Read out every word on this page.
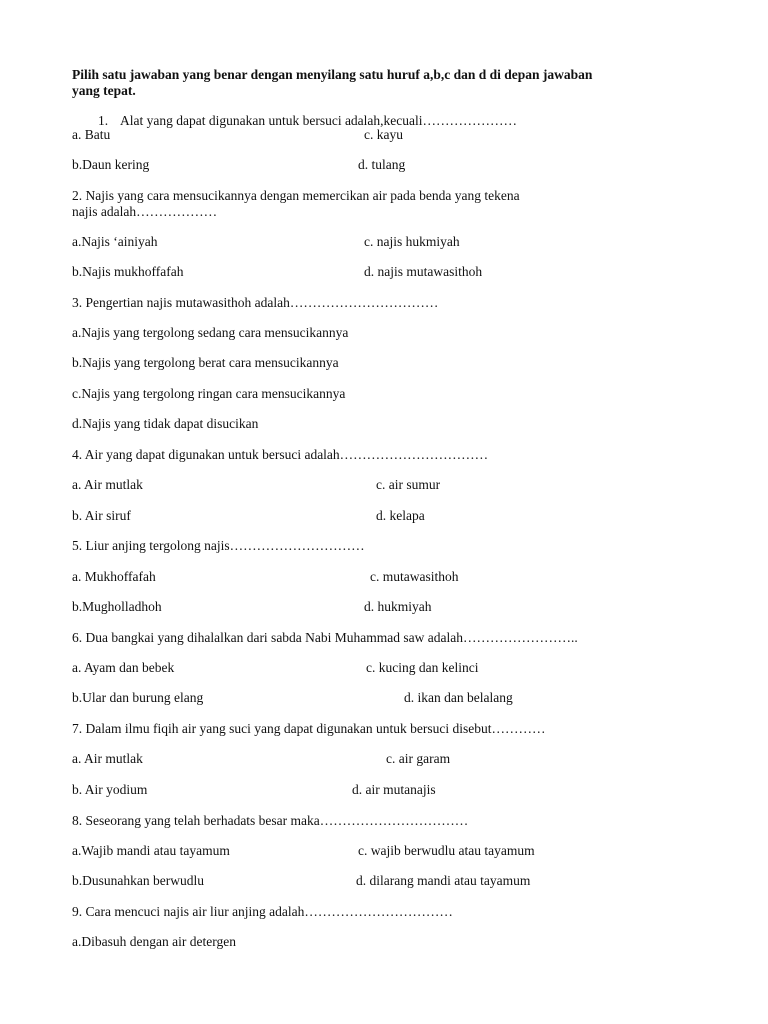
Pilih satu jawaban yang benar dengan menyilang satu huruf a,b,c dan d di depan jawaban
yang tepat.
1. Alat yang dapat digunakan untuk bersuci adalah,kecuali…………………
a. Batu	c. kayu
b.Daun kering	d. tulang
2. Najis yang cara mensucikannya dengan memercikan air pada benda yang tekena
najis adalah………………
a.Najis ‘ainiyah	c. najis hukmiyah
b.Najis mukhoffafah	d. najis mutawasithoh
3. Pengertian najis mutawasithoh adalah……………………………
a.Najis yang tergolong sedang cara mensucikannya
b.Najis yang tergolong berat cara mensucikannya
c.Najis yang tergolong ringan cara mensucikannya
d.Najis yang tidak dapat disucikan
4. Air yang dapat digunakan untuk bersuci adalah……………………………
a. Air mutlak	c. air sumur
b. Air siruf	d. kelapa
5. Liur anjing tergolong najis…………………………
a. Mukhoffafah	c. mutawasithoh
b.Mugholladhoh	d. hukmiyah
6. Dua bangkai yang dihalalkan dari sabda Nabi Muhammad saw adalah……………………..
a. Ayam dan bebek	c. kucing dan kelinci
b.Ular dan burung elang	d. ikan dan belalang
7. Dalam ilmu fiqih air yang suci yang dapat digunakan untuk bersuci disebut…………
a. Air mutlak	c. air garam
b. Air yodium	d. air mutanajis
8. Seseorang yang telah berhadats besar maka……………………………
a.Wajib mandi atau tayamum	c. wajib berwudlu atau tayamum
b.Dusunahkan berwudlu	d. dilarang mandi atau tayamum
9. Cara mencuci najis air liur anjing adalah……………………………
a.Dibasuh dengan air detergen
